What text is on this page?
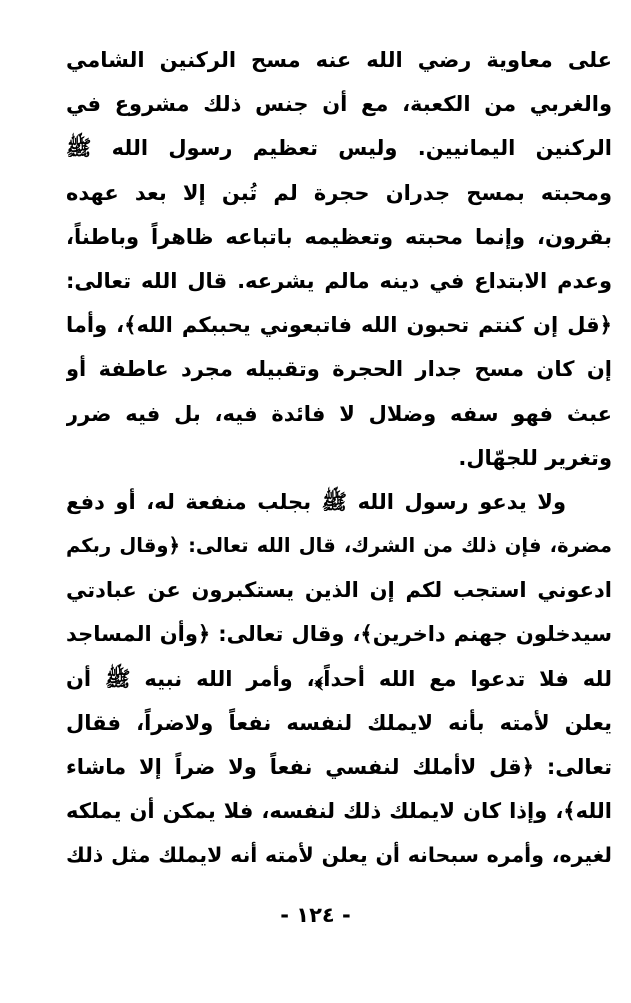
على معاوية رضي الله عنه مسح الركنين الشامي
والغربي من الكعبة، مع أن جنس ذلك مشروع في
الركنين اليمانيين. وليس تعظيم رسول الله ﷺ
ومحبته بمسح جدران حجرة لم تُبن إلا بعد عهده
بقرون، وإنما محبته وتعظيمه باتباعه ظاهراً وباطناً،
وعدم الابتداع في دينه مالم يشرعه. قال الله تعالى:
﴿قل إن كنتم تحبون الله فاتبعوني يحببكم الله﴾، وأما
إن كان مسح جدار الحجرة وتقبيله مجرد عاطفة أو
عبث فهو سفه وضلال لا فائدة فيه، بل فيه ضرر
وتغرير للجهّال.
ولا يدعو رسول الله ﷺ بجلب منفعة له، أو دفع
مضرة، فإن ذلك من الشرك، قال الله تعالى: ﴿وقال ربكم
ادعوني استجب لكم إن الذين يستكبرون عن عبادتي
سيدخلون جهنم داخرين﴾، وقال تعالى: ﴿وأن المساجد
لله فلا تدعوا مع الله أحداً﴾، وأمر الله نبيه ﷺ أن
يعلن لأمته بأنه لايملك لنفسه نفعاً ولاضراً، فقال
تعالى: ﴿قل لاأملك لنفسي نفعاً ولا ضراً إلا ماشاء
الله﴾، وإذا كان لايملك ذلك لنفسه، فلا يمكن أن يملكه
لغيره، وأمره سبحانه أن يعلن لأمته أنه لايملك مثل ذلك
- ١٢٤ -
